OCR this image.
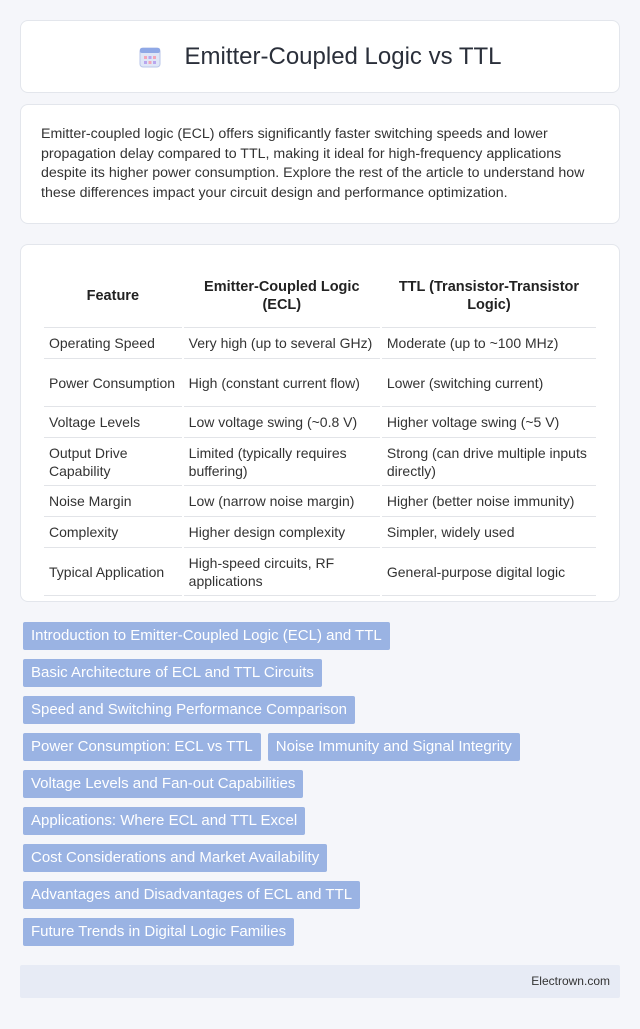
Emitter-Coupled Logic vs TTL

Emitter-coupled logic (ECL) offers significantly faster switching speeds and lower propagation delay compared to TTL, making it ideal for high-frequency applications despite its higher power consumption. Explore the rest of the article to understand how these differences impact your circuit design and performance optimization.

Feature	Emitter-Coupled Logic (ECL)	TTL (Transistor-Transistor Logic)
Operating Speed	Very high (up to several GHz)	Moderate (up to ~100 MHz)
Power Consumption	High (constant current flow)	Lower (switching current)
Voltage Levels	Low voltage swing (~0.8 V)	Higher voltage swing (~5 V)
Output Drive Capability	Limited (typically requires buffering)	Strong (can drive multiple inputs directly)
Noise Margin	Low (narrow noise margin)	Higher (better noise immunity)
Complexity	Higher design complexity	Simpler, widely used
Typical Application	High-speed circuits, RF applications	General-purpose digital logic
Introduction to Emitter-Coupled Logic (ECL) and TTL
Basic Architecture of ECL and TTL Circuits
Speed and Switching Performance Comparison
Power Consumption: ECL vs TTL	Noise Immunity and Signal Integrity
Voltage Levels and Fan-out Capabilities
Applications: Where ECL and TTL Excel
Cost Considerations and Market Availability
Advantages and Disadvantages of ECL and TTL
Future Trends in Digital Logic Families
Electrown.com
